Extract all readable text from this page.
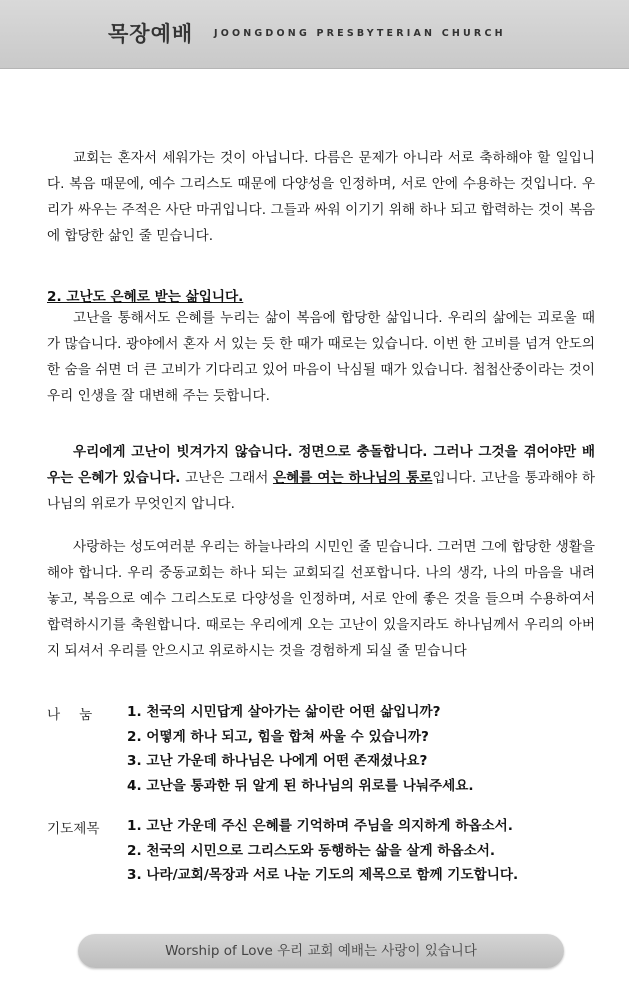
목장예배 JOONGDONG PRESBYTERIAN CHURCH

교회는 혼자서 세워가는 것이 아닙니다. 다름은 문제가 아니라 서로 축하해야 할 일입니다. 복음 때문에, 예수 그리스도 때문에 다양성을 인정하며, 서로 안에 수용하는 것입니다. 우리가 싸우는 주적은 사단 마귀입니다. 그들과 싸워 이기기 위해 하나 되고 합력하는 것이 복음에 합당한 삶인 줄 믿습니다.

2. 고난도 은혜로 받는 삶입니다.

고난을 통해서도 은혜를 누리는 삶이 복음에 합당한 삶입니다. 우리의 삶에는 괴로울 때가 많습니다. 광야에서 혼자 서 있는 듯 한 때가 때로는 있습니다. 이번 한 고비를 넘겨 안도의 한 숨을 쉬면 더 큰 고비가 기다리고 있어 마음이 낙심될 때가 있습니다. 첩첩산중이라는 것이 우리 인생을 잘 대변해 주는 듯합니다.

우리에게 고난이 빗겨가지 않습니다. 정면으로 충돌합니다. 그러나 그것을 겪어야만 배우는 은혜가 있습니다. 고난은 그래서 은혜를 여는 하나님의 통로입니다. 고난을 통과해야 하나님의 위로가 무엇인지 압니다.

사랑하는 성도여러분 우리는 하늘나라의 시민인 줄 믿습니다. 그러면 그에 합당한 생활을 해야 합니다. 우리 중동교회는 하나 되는 교회되길 선포합니다. 나의 생각, 나의 마음을 내려놓고, 복음으로 예수 그리스도로 다양성을 인정하며, 서로 안에 좋은 것을 들으며 수용하여서 합력하시기를 축원합니다. 때로는 우리에게 오는 고난이 있을지라도 하나님께서 우리의 아버지 되셔서 우리를 안으시고 위로하시는 것을 경험하게 되실 줄 믿습니다

나눔	1. 천국의 시민답게 살아가는 삶이란 어떤 삶입니까?
2. 어떻게 하나 되고, 힘을 합쳐 싸울 수 있습니까?
3. 고난 가운데 하나님은 나에게 어떤 존재셨나요?
4. 고난을 통과한 뒤 알게 된 하나님의 위로를 나눠주세요.
기도제목 1. 고난 가운데 주신 은혜를 기억하며 주님을 의지하게 하옵소서.
2. 천국의 시민으로 그리스도와 동행하는 삶을 살게 하옵소서.
3. 나라/교회/목장과 서로 나눈 기도의 제목으로 함께 기도합니다.
Worship of Love 우리 교회 예배는 사랑이 있습니다
